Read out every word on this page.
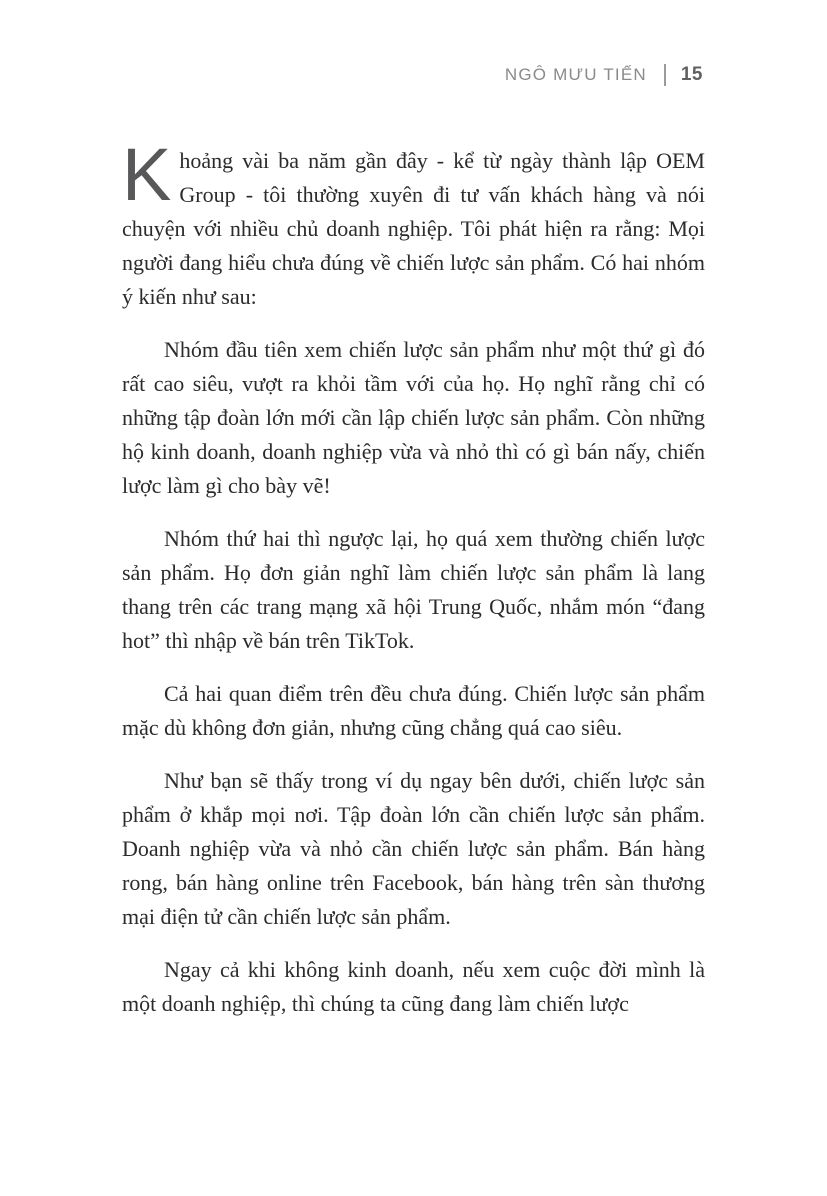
NGÔ MƯU TIẾN 15

Khoảng vài ba năm gần đây - kể từ ngày thành lập OEM Group - tôi thường xuyên đi tư vấn khách hàng và nói chuyện với nhiều chủ doanh nghiệp. Tôi phát hiện ra rằng: Mọi người đang hiểu chưa đúng về chiến lược sản phẩm. Có hai nhóm ý kiến như sau:

Nhóm đầu tiên xem chiến lược sản phẩm như một thứ gì đó rất cao siêu, vượt ra khỏi tầm với của họ. Họ nghĩ rằng chỉ có những tập đoàn lớn mới cần lập chiến lược sản phẩm. Còn những hộ kinh doanh, doanh nghiệp vừa và nhỏ thì có gì bán nấy, chiến lược làm gì cho bày vẽ!

Nhóm thứ hai thì ngược lại, họ quá xem thường chiến lược sản phẩm. Họ đơn giản nghĩ làm chiến lược sản phẩm là lang thang trên các trang mạng xã hội Trung Quốc, nhắm món “đang hot” thì nhập về bán trên TikTok.

Cả hai quan điểm trên đều chưa đúng. Chiến lược sản phẩm mặc dù không đơn giản, nhưng cũng chẳng quá cao siêu.

Như bạn sẽ thấy trong ví dụ ngay bên dưới, chiến lược sản phẩm ở khắp mọi nơi. Tập đoàn lớn cần chiến lược sản phẩm. Doanh nghiệp vừa và nhỏ cần chiến lược sản phẩm. Bán hàng rong, bán hàng online trên Facebook, bán hàng trên sàn thương mại điện tử cần chiến lược sản phẩm.

Ngay cả khi không kinh doanh, nếu xem cuộc đời mình là một doanh nghiệp, thì chúng ta cũng đang làm chiến lược
